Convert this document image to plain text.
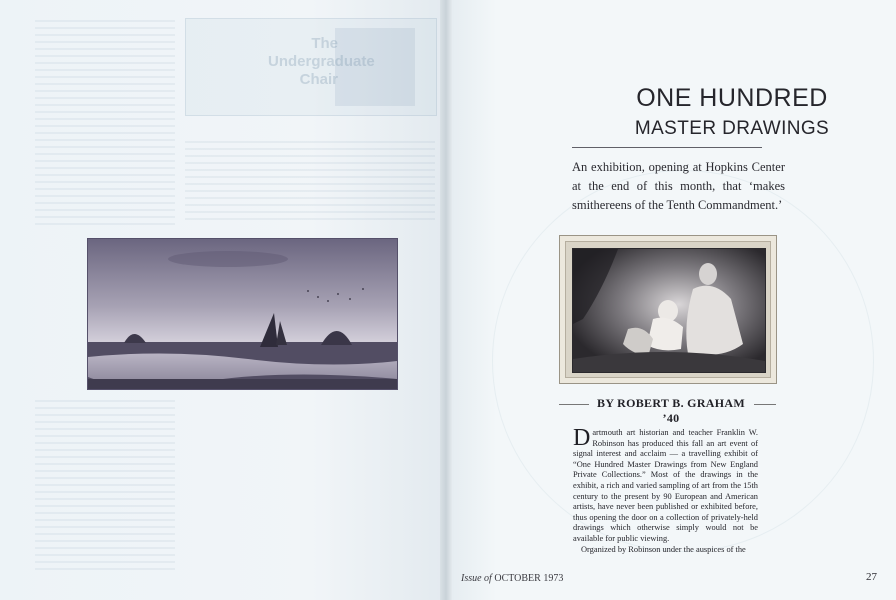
The Undergraduate Chair
ONE HUNDRED
MASTER DRAWINGS

An exhibition, opening at Hopkins Center at the end of this month, that ‘makes smithereens of the Tenth Commandment.’

BY ROBERT B. GRAHAM ’40

Dartmouth art historian and teacher Franklin W. Robinson has produced this fall an art event of signal interest and acclaim — a travelling exhibit of “One Hundred Master Drawings from New England Private Collections.” Most of the drawings in the exhibit, a rich and varied sampling of art from the 15th century to the present by 90 European and American artists, have never been published or exhibited before, thus opening the door on a collection of privately-held drawings which otherwise simply would not be available for public viewing.
Organized by Robinson under the auspices of the
Issue of OCTOBER 1973	27
